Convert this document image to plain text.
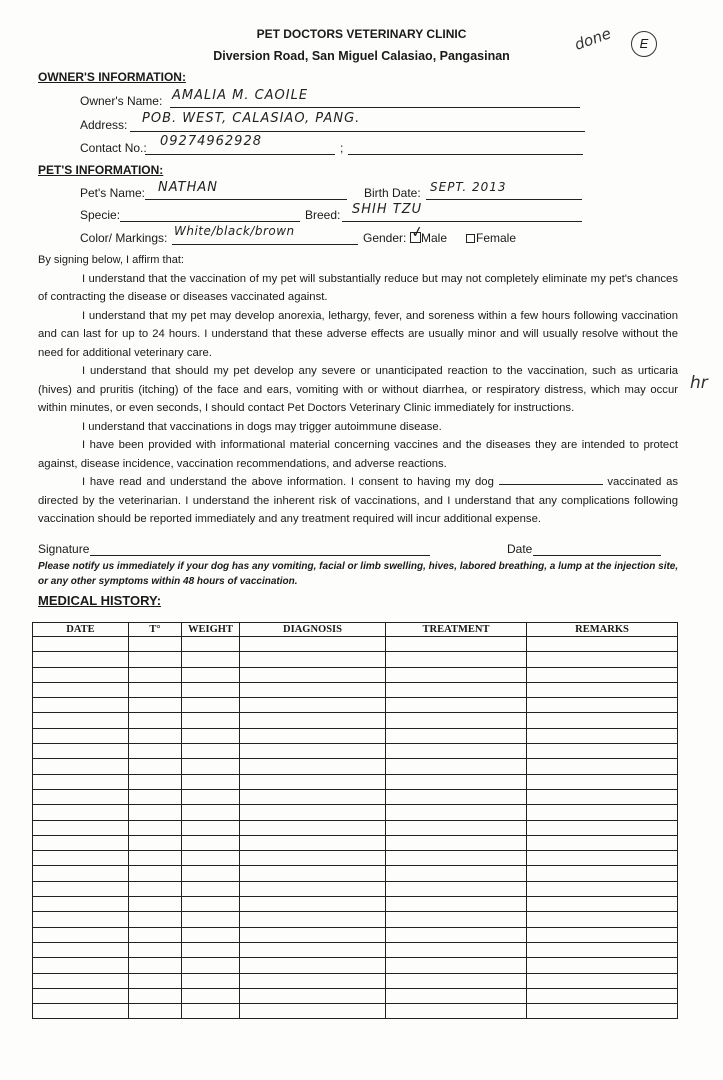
PET DOCTORS VETERINARY CLINIC
Diversion Road, San Miguel Calasiao, Pangasinan
done	E
OWNER'S INFORMATION:
Owner's Name: AMALIA M. CAOILE
Address: POB. WEST, CALASIAO, PANG.
Contact No.: 09274962928	;
PET'S INFORMATION:
Pet's Name: NATHAN	Birth Date: SEPT. 2013
Specie:	Breed: SHIH TZU
Color/ Markings: White/black/brown	Gender: ✓
Male Female

By signing below, I affirm that:

I understand that the vaccination of my pet will substantially reduce but may not completely eliminate my pet's chances of contracting the disease or diseases vaccinated against.

I understand that my pet may develop anorexia, lethargy, fever, and soreness within a few hours following vaccination and can last for up to 24 hours. I understand that these adverse effects are usually minor and will usually resolve without the need for additional veterinary care.

I understand that should my pet develop any severe or unanticipated reaction to the vaccination, such as urticaria (hives) and pruritis (itching) of the face and ears, vomiting with or without diarrhea, or respiratory distress, which may occur within minutes, or even seconds, I should contact Pet Doctors Veterinary Clinic immediately for instructions.

I understand that vaccinations in dogs may trigger autoimmune disease.

I have been provided with informational material concerning vaccines and the diseases they are intended to protect against, disease incidence, vaccination recommendations, and adverse reactions.

I have read and understand the above information. I consent to having my dog	vaccinated as directed by the veterinarian. I understand the inherent risk of vaccinations, and I understand that any complications following vaccination should be reported immediately and any treatment required will incur additional expense.

Signature	Date
Please notify us immediately if your dog has any vomiting, facial or limb swelling, hives, labored breathing, a lump at the injection site, or any other symptoms within 48 hours of vaccination.
hr
MEDICAL HISTORY:
DATE	T°	WEIGHT	DIAGNOSIS	TREATMENT	REMARKS
